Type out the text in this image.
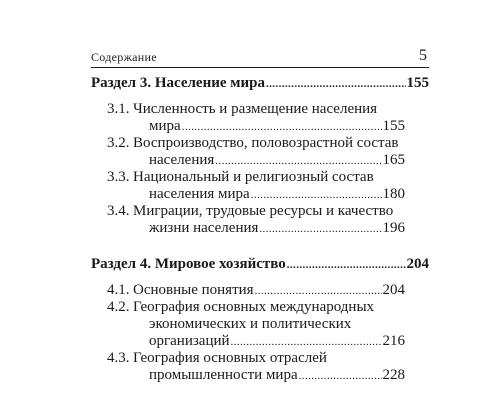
Содержание	5
Раздел 3. Население мира .....	155
3.1. Численность и размещение населения
мира .....	155
3.2. Воспроизводство, половозрастной состав
населения .....	165
3.3. Национальный и религиозный состав
населения мира .....	180
3.4. Миграции, трудовые ресурсы и качество
жизни населения .....	196
Раздел 4. Мировое хозяйство .....	204
4.1. Основные понятия .....	204
4.2. География основных международных
экономических и политических
организаций .....	216
4.3. География основных отраслей
промышленности мира .....	228
